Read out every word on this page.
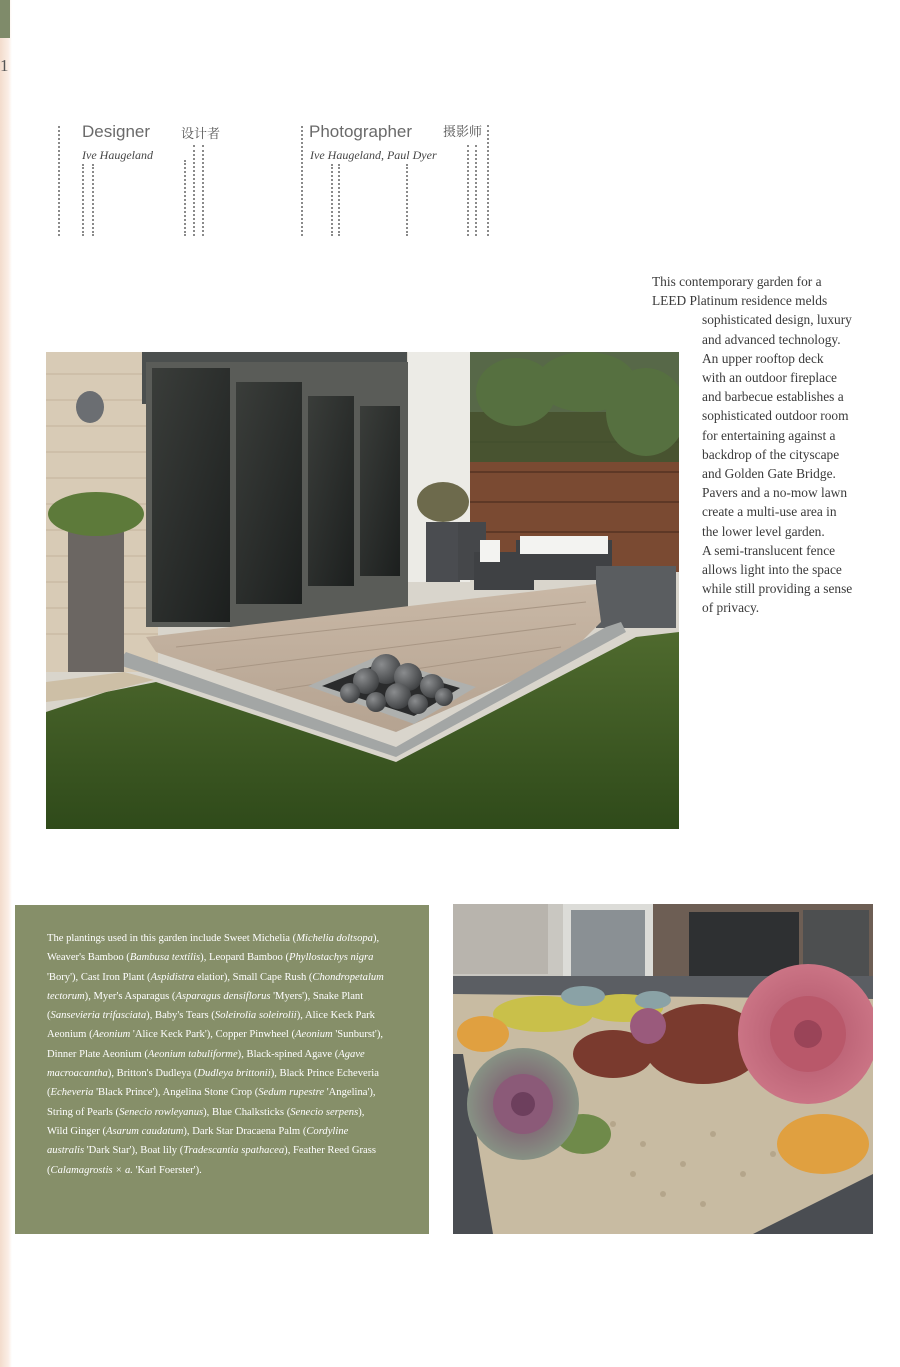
1
Designer 设计者
Ive Haugeland
Photographer 摄影师
Ive Haugeland, Paul Dyer
This contemporary garden for a
LEED Platinum residence melds
sophisticated design, luxury
and advanced technology.
An upper rooftop deck
with an outdoor fireplace
and barbecue establishes a
sophisticated outdoor room
for entertaining against a
backdrop of the cityscape
and Golden Gate Bridge.
Pavers and a no-mow lawn
create a multi-use area in
the lower level garden.
A semi-translucent fence
allows light into the space
while still providing a sense
of privacy.
The plantings used in this garden include Sweet Michelia (Michelia doltsopa), Weaver's Bamboo (Bambusa textilis), Leopard Bamboo (Phyllostachys nigra 'Bory'), Cast Iron Plant (Aspidistra elatior), Small Cape Rush (Chondropetalum tectorum), Myer's Asparagus (Asparagus densiflorus 'Myers'), Snake Plant (Sansevieria trifasciata), Baby's Tears (Soleirolia soleirolii), Alice Keck Park Aeonium (Aeonium 'Alice Keck Park'), Copper Pinwheel (Aeonium 'Sunburst'), Dinner Plate Aeonium (Aeonium tabuliforme), Black-spined Agave (Agave macroacantha), Britton's Dudleya (Dudleya brittonii), Black Prince Echeveria (Echeveria 'Black Prince'), Angelina Stone Crop (Sedum rupestre 'Angelina'), String of Pearls (Senecio rowleyanus), Blue Chalksticks (Senecio serpens), Wild Ginger (Asarum caudatum), Dark Star Dracaena Palm (Cordyline australis 'Dark Star'), Boat lily (Tradescantia spathacea), Feather Reed Grass (Calamagrostis × a. 'Karl Foerster').
